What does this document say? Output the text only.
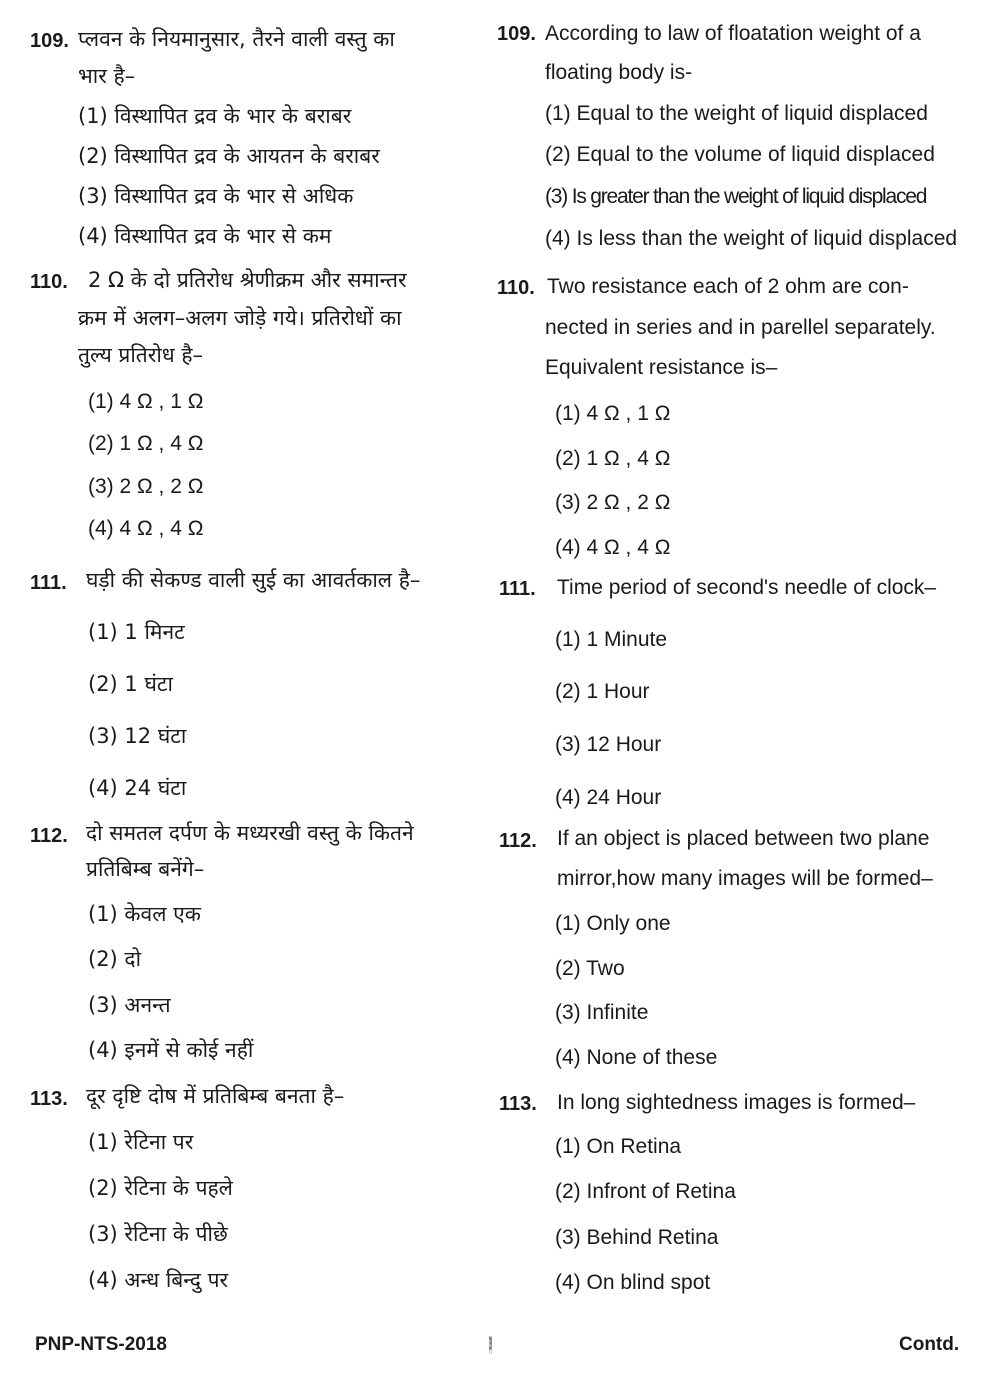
109. प्लवन के नियमानुसार, तैरने वाली वस्तु का
भार है–
(1) विस्थापित द्रव के भार के बराबर
(2) विस्थापित द्रव के आयतन के बराबर
(3) विस्थापित द्रव के भार से अधिक
(4) विस्थापित द्रव के भार से कम
109. According to law of floatation weight of a
floating body is-
(1) Equal to the weight of liquid displaced
(2) Equal to the volume of liquid displaced
(3) Is greater than the weight of liquid displaced
(4) Is less than the weight of liquid displaced
110. 2 Ω के दो प्रतिरोध श्रेणीक्रम और समान्तर
क्रम में अलग–अलग जोड़े गये। प्रतिरोधों का
तुल्य प्रतिरोध है–
(1) 4 Ω , 1 Ω
(2) 1 Ω , 4 Ω
(3) 2 Ω , 2 Ω
(4) 4 Ω , 4 Ω
110. Two resistance each of 2 ohm are con-
nected in series and in parellel separately.
Equivalent resistance is–
(1) 4 Ω , 1 Ω
(2) 1 Ω , 4 Ω
(3) 2 Ω , 2 Ω
(4) 4 Ω , 4 Ω
111. घड़ी की सेकण्ड वाली सुई का आवर्तकाल है–
(1) 1 मिनट
(2) 1 घंटा
(3) 12 घंटा
(4) 24 घंटा
111. Time period of second's needle of clock–
(1) 1 Minute
(2) 1 Hour
(3) 12 Hour
(4) 24 Hour
112. दो समतल दर्पण के मध्यरखी वस्तु के कितने
प्रतिबिम्ब बनेंगे–
(1) केवल एक
(2) दो
(3) अनन्त
(4) इनमें से कोई नहीं
112. If an object is placed between two plane
mirror,how many images will be formed–
(1) Only one
(2) Two
(3) Infinite
(4) None of these
113. दूर दृष्टि दोष में प्रतिबिम्ब बनता है–
(1) रेटिना पर
(2) रेटिना के पहले
(3) रेटिना के पीछे
(4) अन्ध बिन्दु पर
113. In long sightedness images is formed–
(1) On Retina
(2) Infront of Retina
(3) Behind Retina
(4) On blind spot
PNP-NTS-2018	(39)	Contd.
